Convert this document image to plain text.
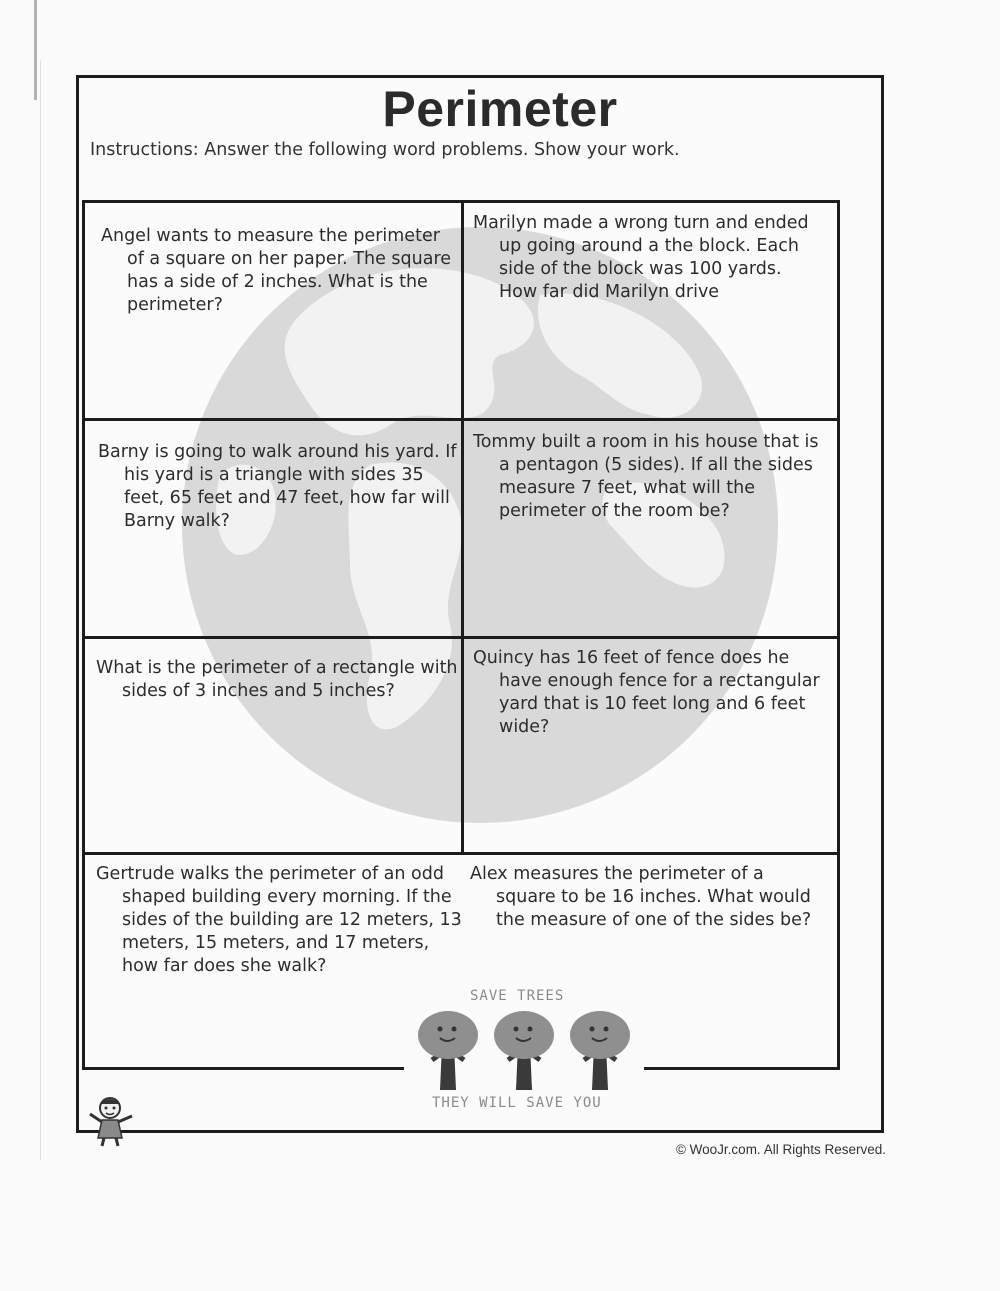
Perimeter
Instructions: Answer the following word problems. Show your work.

Angel wants to measure the perimeter of a square on her paper. The square has a side of 2 inches. What is the perimeter?

Marilyn made a wrong turn and ended up going around a the block. Each side of the block was 100 yards. How far did Marilyn drive

Barny is going to walk around his yard. If his yard is a triangle with sides 35 feet, 65 feet and 47 feet, how far will Barny walk?

Tommy built a room in his house that is a pentagon (5 sides). If all the sides measure 7 feet, what will the perimeter of the room be?

What is the perimeter of a rectangle with sides of 3 inches and 5 inches?

Quincy has 16 feet of fence does he have enough fence for a rectangular yard that is 10 feet long and 6 feet wide?

Gertrude walks the perimeter of an odd shaped building every morning. If the sides of the building are 12 meters, 13 meters, 15 meters, and 17 meters, how far does she walk?

Alex measures the perimeter of a square to be 16 inches. What would the measure of one of the sides be?

SAVE TREES
THEY WILL SAVE YOU
© WooJr.com. All Rights Reserved.
